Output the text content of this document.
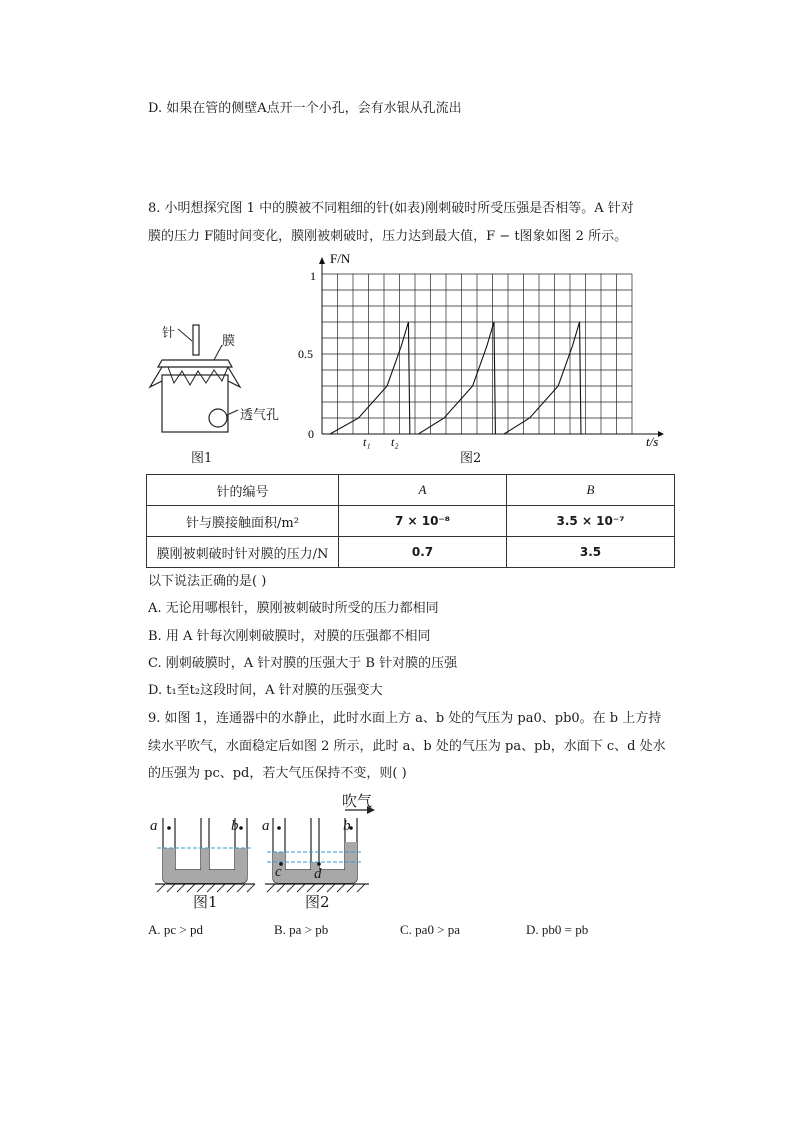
D. 如果在管的侧壁A点开一个小孔，会有水银从孔流出
8. 小明想探究图 1 中的膜被不同粗细的针(如表)刚刺破时所受压强是否相等。A 针对
膜的压力 F随时间变化，膜刚被刺破时，压力达到最大值，F − t图象如图 2 所示。
针
膜
透气孔
图1
F/N
t/s
1
0.5
0
t₁ t₂
图2
针的编号	A	B
针与膜接触面积/m²	7 × 10⁻⁸	3.5 × 10⁻⁷
膜刚被刺破时针对膜的压力/N	0.7	3.5
以下说法正确的是( )
A. 无论用哪根针，膜刚被刺破时所受的压力都相同
B. 用 A 针每次刚刺破膜时，对膜的压强都不相同
C. 刚刺破膜时，A 针对膜的压强大于 B 针对膜的压强
D. t₁至t₂这段时间，A 针对膜的压强变大
9. 如图 1，连通器中的水静止，此时水面上方 a、b 处的气压为 pa0、pb0。在 b 上方持
续水平吹气，水面稳定后如图 2 所示，此时 a、b 处的气压为 pa、pb，水面下 c、d 处水
的压强为 pc、pd，若大气压保持不变，则( )
吹气
a	b a	b
c d
图1	图2
A. pc > pd	B. pa > pb	C. pa0 > pa	D. pb0 = pb
